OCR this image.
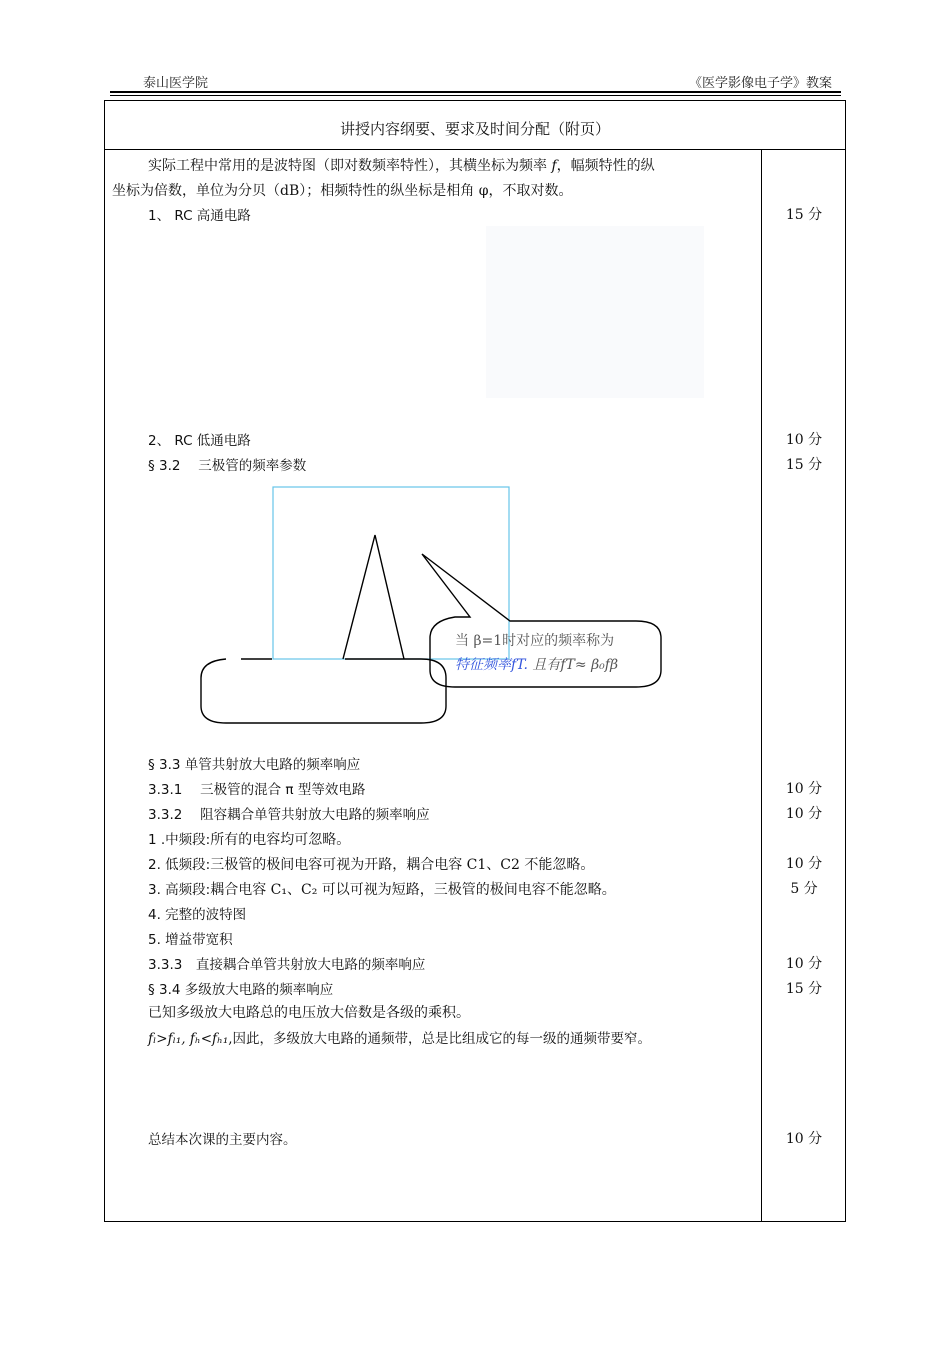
泰山医学院	《医学影像电子学》教案
讲授内容纲要、要求及时间分配（附页）
实际工程中常用的是波特图（即对数频率特性），其横坐标为频率 f，幅频特性的纵
坐标为倍数，单位为分贝（dB）；相频特性的纵坐标是相角 φ，不取对数。
1、 RC 高通电路	15 分
2、 RC 低通电路	10 分
§ 3.2　 三极管的频率参数	15 分
当 β=1时对应的频率称为
特征频率fT. 且有fT≈ β₀fβ
§ 3.3 单管共射放大电路的频率响应
3.3.1　 三极管的混合 π 型等效电路	10 分
3.3.2　 阻容耦合单管共射放大电路的频率响应	10 分
1 .中频段:所有的电容均可忽略。
2. 低频段:三极管的极间电容可视为开路，耦合电容 C1、C2 不能忽略。	10 分
3. 高频段:耦合电容 C₁、C₂ 可以可视为短路，三极管的极间电容不能忽略。	5 分
4. 完整的波特图
5. 增益带宽积
3.3.3　直接耦合单管共射放大电路的频率响应	10 分
§ 3.4 多级放大电路的频率响应	15 分
已知多级放大电路总的电压放大倍数是各级的乘积。
fₗ>fₗ₁, fₕ<fₕ₁,因此，多级放大电路的通频带，总是比组成它的每一级的通频带要窄。
总结本次课的主要内容。	10 分
